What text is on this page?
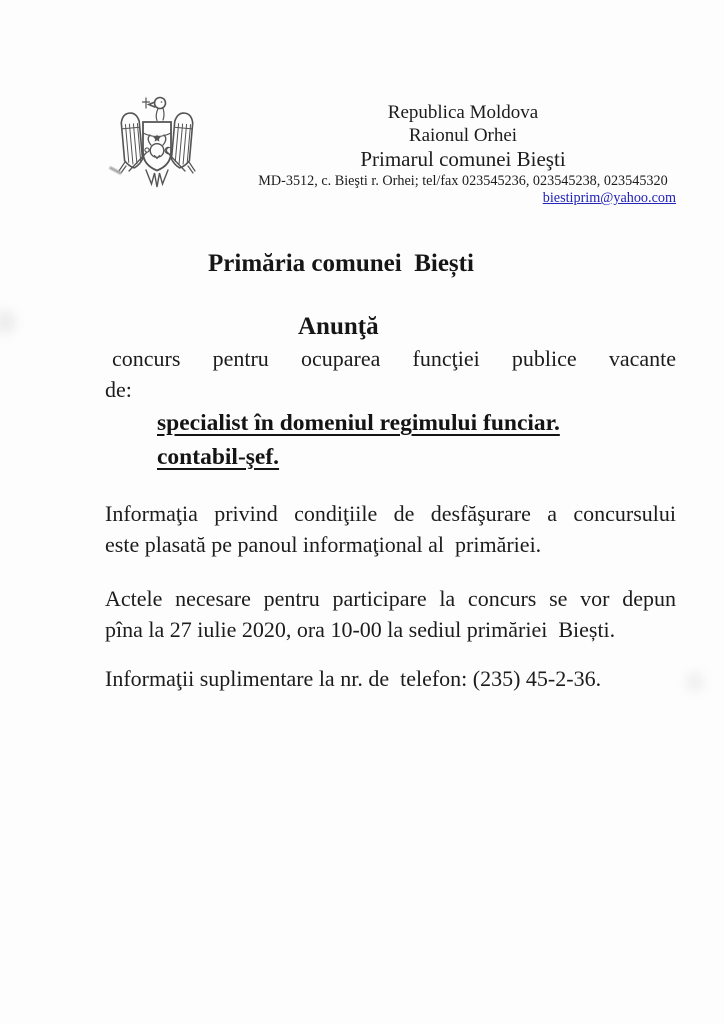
Republica Moldova
Raionul Orhei
Primarul comunei Bieşti
MD-3512, c. Bieşti r. Orhei; tel/fax 023545236, 023545238, 023545320
biestiprim@yahoo.com
Primăria comunei  Biești
Anunţă
concurs pentru ocuparea funcţiei publice vacante
de:
specialist în domeniul regimului funciar.
contabil-şef.
Informaţia privind condiţiile de desfăşurare a concursului
este plasată pe panoul informaţional al  primăriei.
Actele necesare pentru participare la concurs se vor depun
pîna la 27 iulie 2020, ora 10-00 la sediul primăriei  Biești.
Informaţii suplimentare la nr. de  telefon: (235) 45-2-36.
